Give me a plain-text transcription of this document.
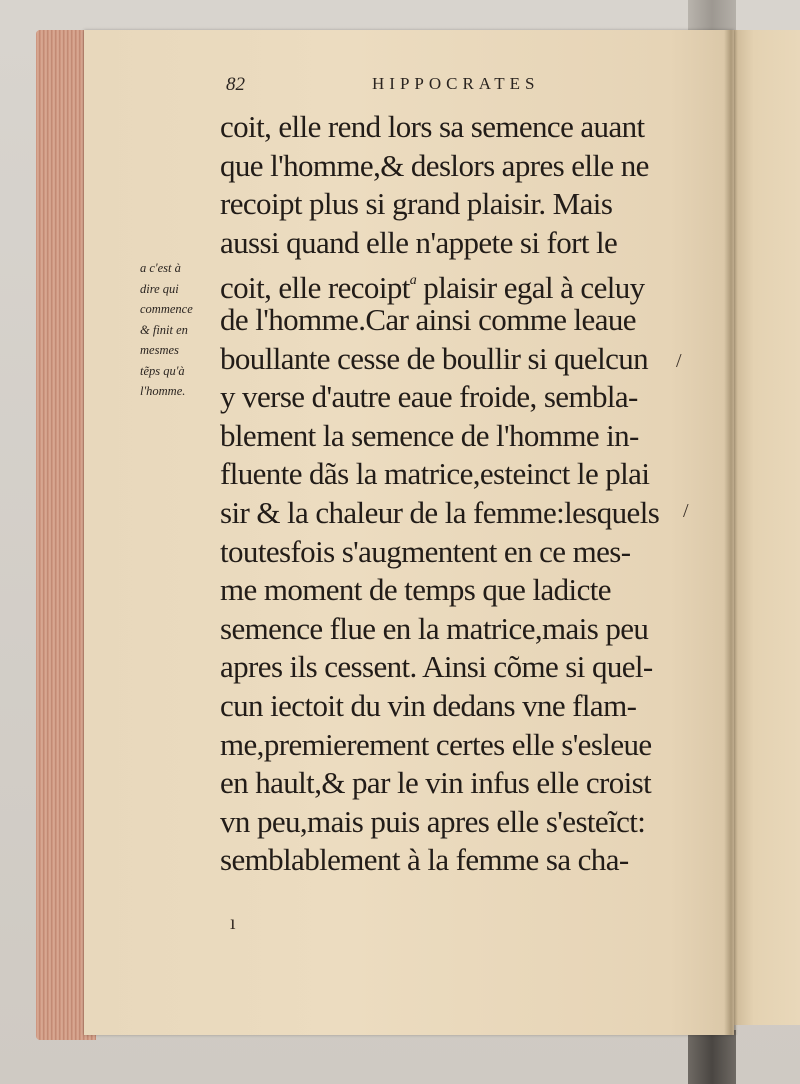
82	HIPPOCRATES
coit, elle rend lors sa semence auant
que l'homme,& deslors apres elle ne
recoipt plus si grand plaisir. Mais
aussi quand elle n'appete si fort le
coit, elle recoipt$^a$ plaisir egal à celuy
de l'homme.Car ainsi comme leaue
boullante cesse de boullir si quelcun
y verse d'autre eaue froide, sembla-
blement la semence de l'homme in-
fluente dãs la matrice,esteinct le plai
sir & la chaleur de la femme:lesquels
toutesfois s'augmentent en ce mes-
me moment de temps que ladicte
semence flue en la matrice,mais peu
apres ils cessent. Ainsi cõme si quel-
cun iectoit du vin dedans vne flam-
me,premierement certes elle s'esleue
en hault,& par le vin infus elle croist
vn peu,mais puis apres elle s'esteĩct:
semblablement à la femme sa cha-
a c'est à
dire qui
commence
& finit en
mesmes
tẽps qu'à
l'homme.
/
/
ı
